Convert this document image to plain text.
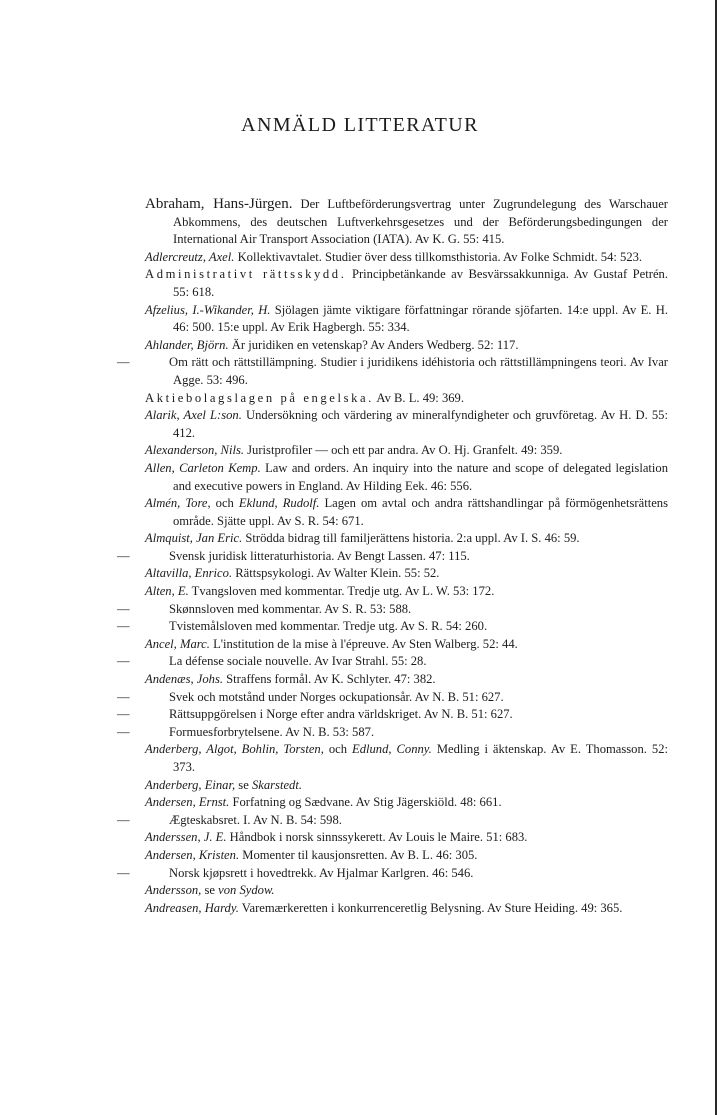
ANMÄLD LITTERATUR

Abraham, Hans-Jürgen. Der Luftbeförderungsvertrag unter Zugrundelegung des Warschauer Abkommens, des deutschen Luftverkehrsgesetzes und der Beförderungsbedingungen der International Air Transport Association (IATA). Av K. G. 55: 415.

Adlercreutz, Axel. Kollektivavtalet. Studier över dess tillkomsthistoria. Av Folke Schmidt. 54: 523.

Administrativt rättsskydd. Principbetänkande av Besvärssakkunniga. Av Gustaf Petrén. 55: 618.

Afzelius, I.-Wikander, H. Sjölagen jämte viktigare författningar rörande sjöfarten. 14:e uppl. Av E. H. 46: 500. 15:e uppl. Av Erik Hagbergh. 55: 334.

Ahlander, Björn. Är juridiken en vetenskap? Av Anders Wedberg. 52: 117.

—	Om rätt och rättstillämpning. Studier i juridikens idéhistoria och rättstillämpningens teori. Av Ivar Agge. 53: 496.

Aktiebolagslagen på engelska. Av B. L. 49: 369.

Alarik, Axel L:son. Undersökning och värdering av mineralfyndigheter och gruvföretag. Av H. D. 55: 412.

Alexanderson, Nils. Juristprofiler — och ett par andra. Av O. Hj. Granfelt. 49: 359.

Allen, Carleton Kemp. Law and orders. An inquiry into the nature and scope of delegated legislation and executive powers in England. Av Hilding Eek. 46: 556.

Almén, Tore, och Eklund, Rudolf. Lagen om avtal och andra rättshandlingar på förmögenhetsrättens område. Sjätte uppl. Av S. R. 54: 671.

Almquist, Jan Eric. Strödda bidrag till familjerättens historia. 2:a uppl. Av I. S. 46: 59.

—	Svensk juridisk litteraturhistoria. Av Bengt Lassen. 47: 115.

Altavilla, Enrico. Rättspsykologi. Av Walter Klein. 55: 52.

Alten, E. Tvangsloven med kommentar. Tredje utg. Av L. W. 53: 172.

—	Skønnsloven med kommentar. Av S. R. 53: 588.

—	Tvistemålsloven med kommentar. Tredje utg. Av S. R. 54: 260.

Ancel, Marc. L'institution de la mise à l'épreuve. Av Sten Walberg. 52: 44.

—	La défense sociale nouvelle. Av Ivar Strahl. 55: 28.

Andenæs, Johs. Straffens formål. Av K. Schlyter. 47: 382.

—	Svek och motstånd under Norges ockupationsår. Av N. B. 51: 627.

—	Rättsuppgörelsen i Norge efter andra världskriget. Av N. B. 51: 627.

—	Formuesforbrytelsene. Av N. B. 53: 587.

Anderberg, Algot, Bohlin, Torsten, och Edlund, Conny. Medling i äktenskap. Av E. Thomasson. 52: 373.

Anderberg, Einar, se Skarstedt.

Andersen, Ernst. Forfatning og Sædvane. Av Stig Jägerskiöld. 48: 661.

—	Ægteskabsret. I. Av N. B. 54: 598.

Anderssen, J. E. Håndbok i norsk sinnssykerett. Av Louis le Maire. 51: 683.

Andersen, Kristen. Momenter til kausjonsretten. Av B. L. 46: 305.

—	Norsk kjøpsrett i hovedtrekk. Av Hjalmar Karlgren. 46: 546.

Andersson, se von Sydow.

Andreasen, Hardy. Varemærkeretten i konkurrenceretlig Belysning. Av Sture Heiding. 49: 365.
